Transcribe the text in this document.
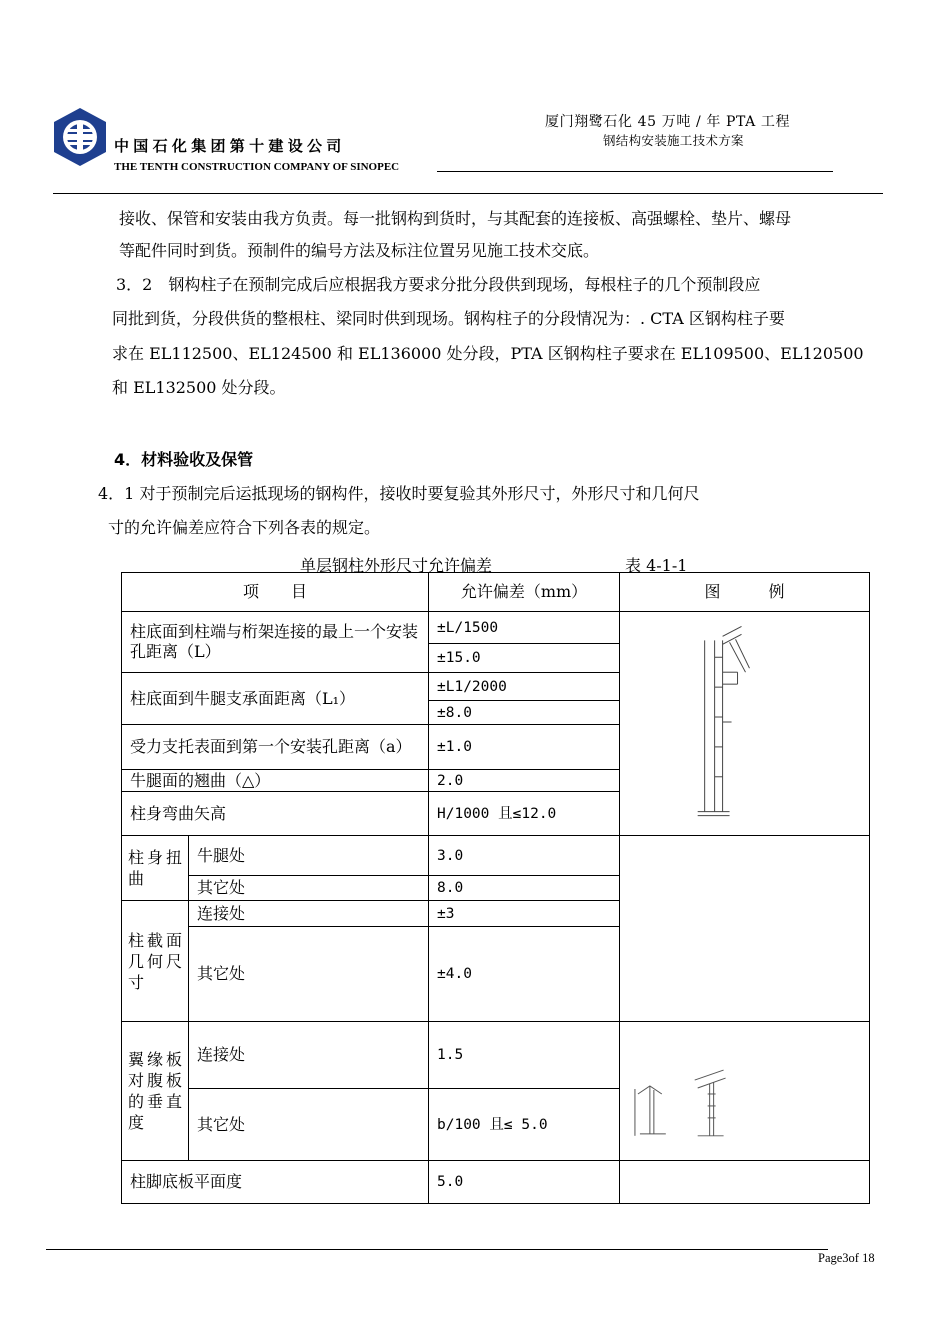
中国石化集团第十建设公司
THE TENTH CONSTRUCTION COMPANY OF SINOPEC
厦门翔鹭石化 45 万吨 / 年 PTA 工程
钢结构安装施工技术方案
接收、保管和安装由我方负责。每一批钢构到货时，与其配套的连接板、高强螺栓、垫片、螺母
等配件同时到货。预制件的编号方法及标注位置另见施工技术交底。
3．2　钢构柱子在预制完成后应根据我方要求分批分段供到现场，每根柱子的几个预制段应
同批到货，分段供货的整根柱、梁同时供到现场。钢构柱子的分段情况为：. CTA 区钢构柱子要
求在 EL112500、EL124500 和 EL136000 处分段，PTA 区钢构柱子要求在 EL109500、EL120500
和 EL132500 处分段。
4．材料验收及保管
4．1 对于预制完后运抵现场的钢构件，接收时要复验其外形尺寸，外形尺寸和几何尺
寸的允许偏差应符合下列各表的规定。
单层钢柱外形尺寸允许偏差	表 4-1-1
项　　目		允许偏差（mm）	图　　　例
柱底面到柱端与桁架连接的最上一个安装孔距离（L）		±L/1500	
		±15.0	
柱底面到牛腿支承面距离（L₁）		±L1/2000	
		±8.0	
受力支托表面到第一个安装孔距离（a）		±1.0	
牛腿面的翘曲（△）		2.0	
柱身弯曲矢高		H/1000 且≤12.0	
柱身扭曲	牛腿处	3.0	
	其它处	8.0	
柱截面几何尺寸	连接处	±3	
	其它处	±4.0	
翼缘板对腹板的垂直度	连接处	1.5	
	其它处	b/100 且≤ 5.0	
柱脚底板平面度		5.0	
Page3of 18
